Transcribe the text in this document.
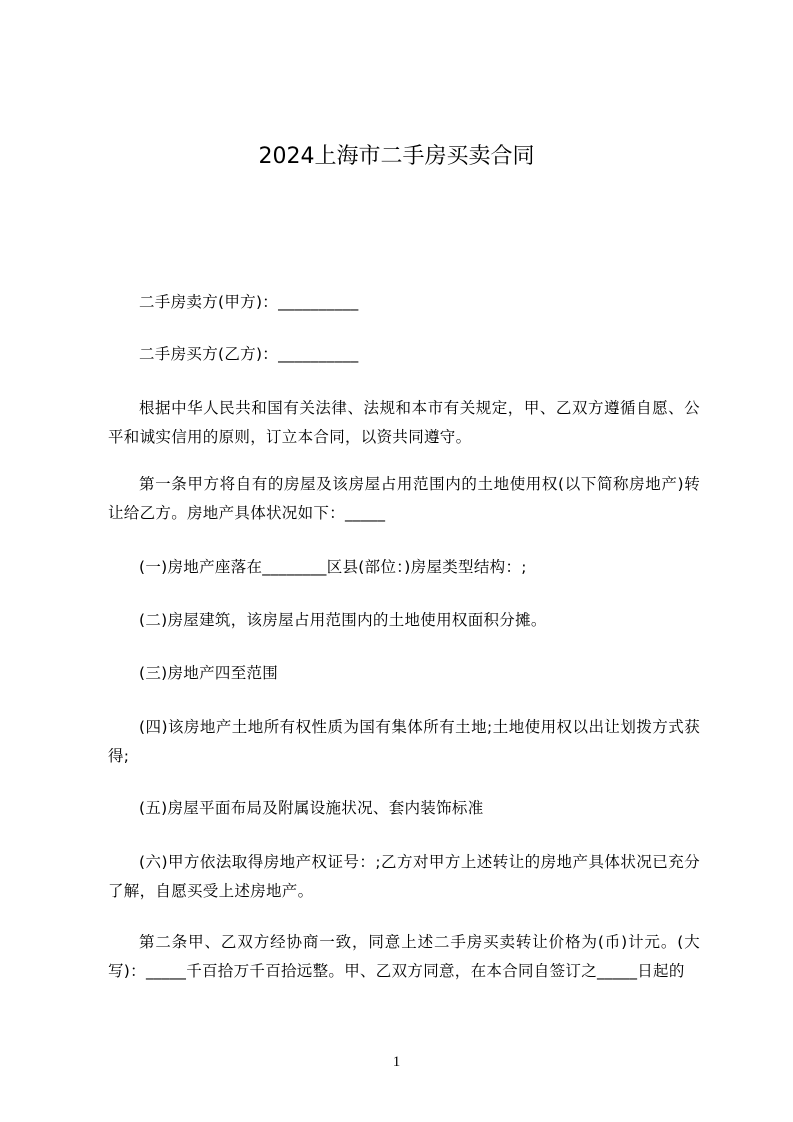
2024上海市二手房买卖合同
二手房卖方(甲方)：__________
二手房买方(乙方)：__________
根据中华人民共和国有关法律、法规和本市有关规定，甲、乙双方遵循自愿、公平和诚实信用的原则，订立本合同，以资共同遵守。
第一条甲方将自有的房屋及该房屋占用范围内的土地使用权(以下简称房地产)转让给乙方。房地产具体状况如下：_____
(一)房地产座落在________区县(部位：)房屋类型结构：;
(二)房屋建筑，该房屋占用范围内的土地使用权面积分摊。
(三)房地产四至范围
(四)该房地产土地所有权性质为国有集体所有土地;土地使用权以出让划拨方式获得;
(五)房屋平面布局及附属设施状况、套内装饰标准
(六)甲方依法取得房地产权证号：;乙方对甲方上述转让的房地产具体状况已充分了解，自愿买受上述房地产。
第二条甲、乙双方经协商一致，同意上述二手房买卖转让价格为(币)计元。(大写)：_____千百拾万千百拾远整。甲、乙双方同意，在本合同自签订之_____日起的
1
